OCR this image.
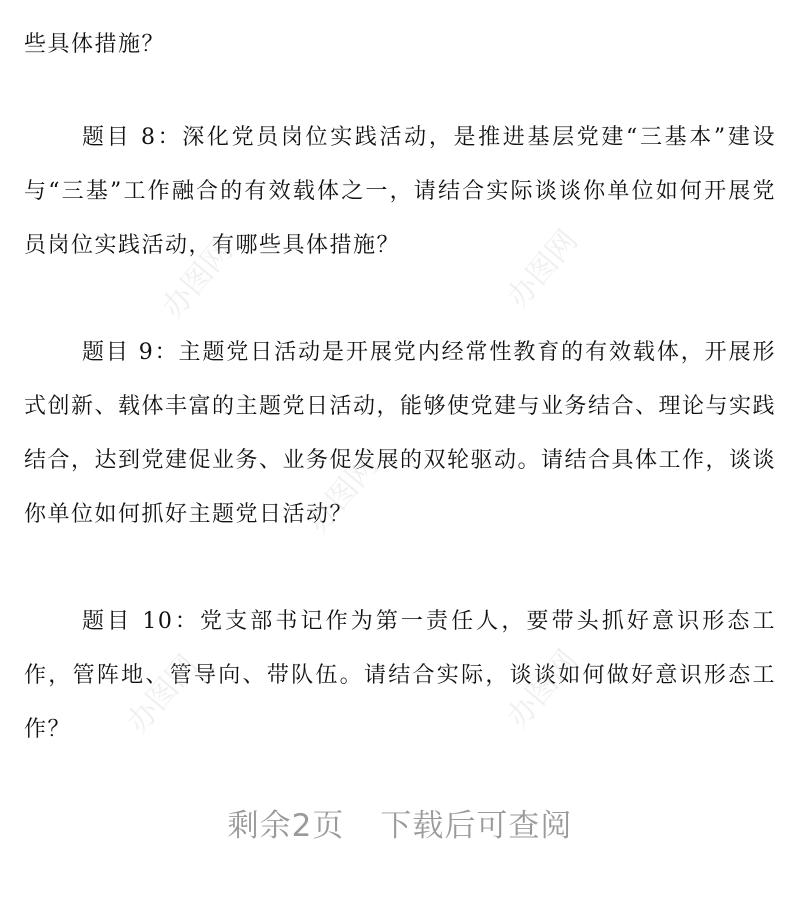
些具体措施？

题目 8：深化党员岗位实践活动，是推进基层党建“三基本”建设与“三基”工作融合的有效载体之一，请结合实际谈谈你单位如何开展党员岗位实践活动，有哪些具体措施？

题目 9：主题党日活动是开展党内经常性教育的有效载体，开展形式创新、载体丰富的主题党日活动，能够使党建与业务结合、理论与实践结合，达到党建促业务、业务促发展的双轮驱动。请结合具体工作，谈谈你单位如何抓好主题党日活动？

题目 10：党支部书记作为第一责任人，要带头抓好意识形态工作，管阵地、管导向、带队伍。请结合实际，谈谈如何做好意识形态工作？

办图网	办图网
办图网
办图网	办图网
剩余2页 下载后可查阅
